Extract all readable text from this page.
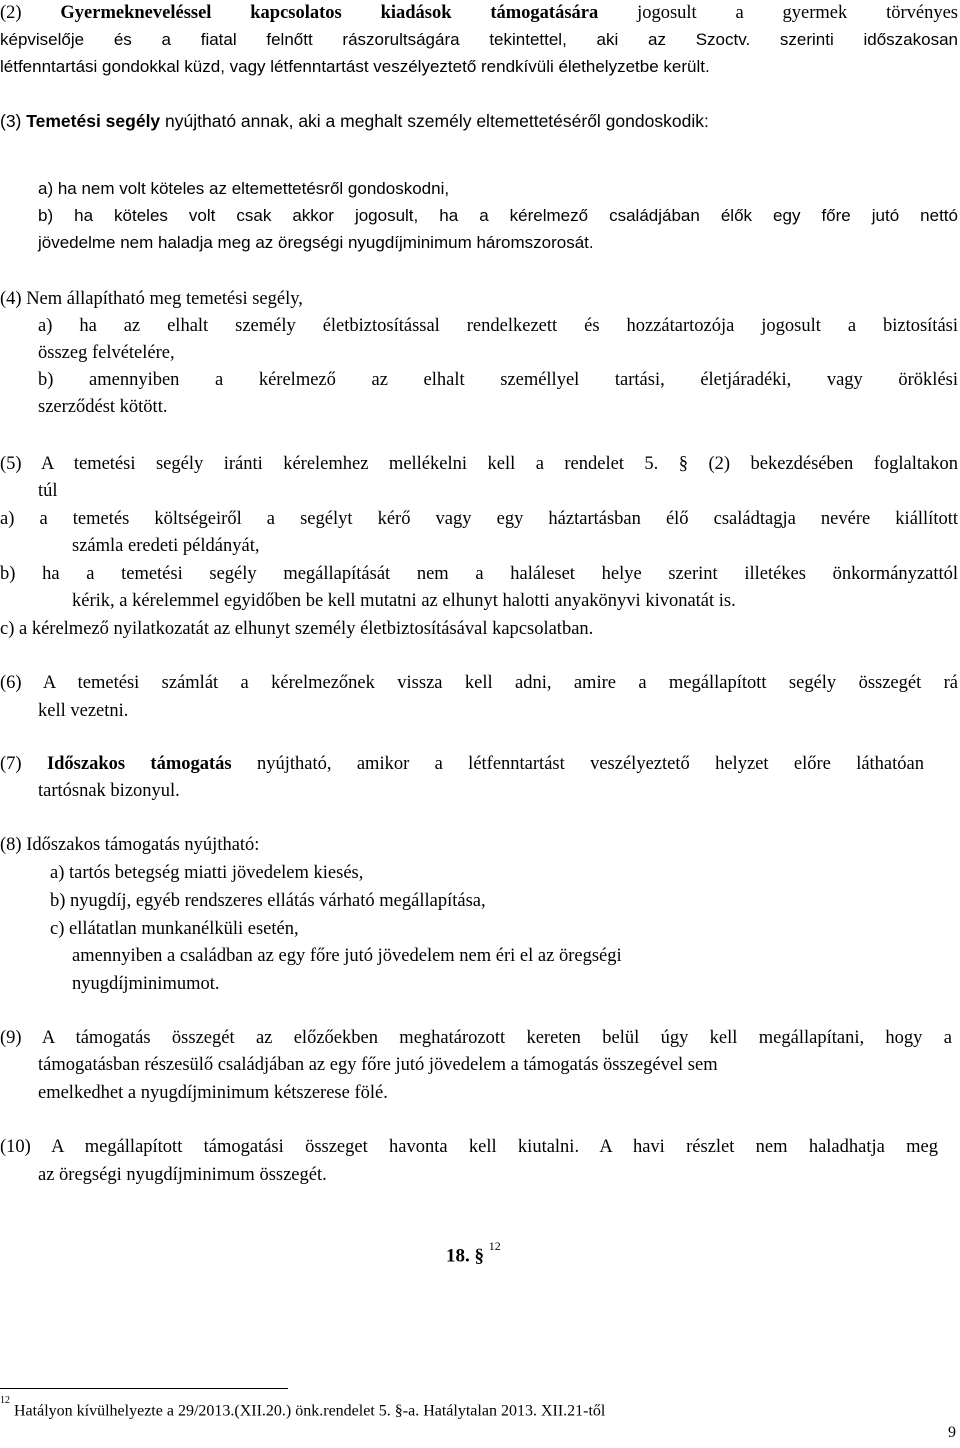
(2) Gyermekneveléssel kapcsolatos kiadások támogatására jogosult a gyermek törvényes
képviselője és a fiatal felnőtt rászorultságára tekintettel, aki az Szoctv. szerinti időszakosan
létfenntartási gondokkal küzd, vagy létfenntartást veszélyeztető rendkívüli élethelyzetbe került.
(3) Temetési segély nyújtható annak, aki a meghalt személy eltemettetéséről gondoskodik:
a) ha nem volt köteles az eltemettetésről gondoskodni,
b) ha köteles volt csak akkor jogosult, ha a kérelmező családjában élők egy főre jutó nettó
jövedelme nem haladja meg az öregségi nyugdíjminimum háromszorosát.
(4) Nem állapítható meg temetési segély,
a) ha az elhalt személy életbiztosítással rendelkezett és hozzátartozója jogosult a biztosítási
összeg felvételére,
b) amennyiben a kérelmező az elhalt személlyel tartási, életjáradéki, vagy öröklési
szerződést kötött.
(5) A temetési segély iránti kérelemhez mellékelni kell a rendelet 5. § (2) bekezdésében foglaltakon
túl
a) a temetés költségeiről a segélyt kérő vagy egy háztartásban élő családtagja nevére kiállított
számla eredeti példányát,
b) ha a temetési segély megállapítását nem a haláleset helye szerint illetékes önkormányzattól
kérik, a kérelemmel egyidőben be kell mutatni az elhunyt halotti anyakönyvi kivonatát is.
c) a kérelmező nyilatkozatát az elhunyt személy életbiztosításával kapcsolatban.
(6) A temetési számlát a kérelmezőnek vissza kell adni, amire a megállapított segély összegét rá
kell vezetni.
(7) Időszakos támogatás nyújtható, amikor a létfenntartást veszélyeztető helyzet előre láthatóan
tartósnak bizonyul.
(8) Időszakos támogatás nyújtható:
a) tartós betegség miatti jövedelem kiesés,
b) nyugdíj, egyéb rendszeres ellátás várható megállapítása,
c) ellátatlan munkanélküli esetén,
amennyiben a családban az egy főre jutó jövedelem nem éri el az öregségi
nyugdíjminimumot.
(9) A támogatás összegét az előzőekben meghatározott kereten belül úgy kell megállapítani, hogy a
támogatásban részesülő családjában az egy főre jutó jövedelem a támogatás összegével sem
emelkedhet a nyugdíjminimum kétszerese fölé.
(10) A megállapított támogatási összeget havonta kell kiutalni. A havi részlet nem haladhatja meg
az öregségi nyugdíjminimum összegét.
18. § $^{12}$
$^{12}$ Hatályon kívülhelyezte a 29/2013.(XII.20.) önk.rendelet 5. §-a. Hatálytalan 2013. XII.21-től
9
